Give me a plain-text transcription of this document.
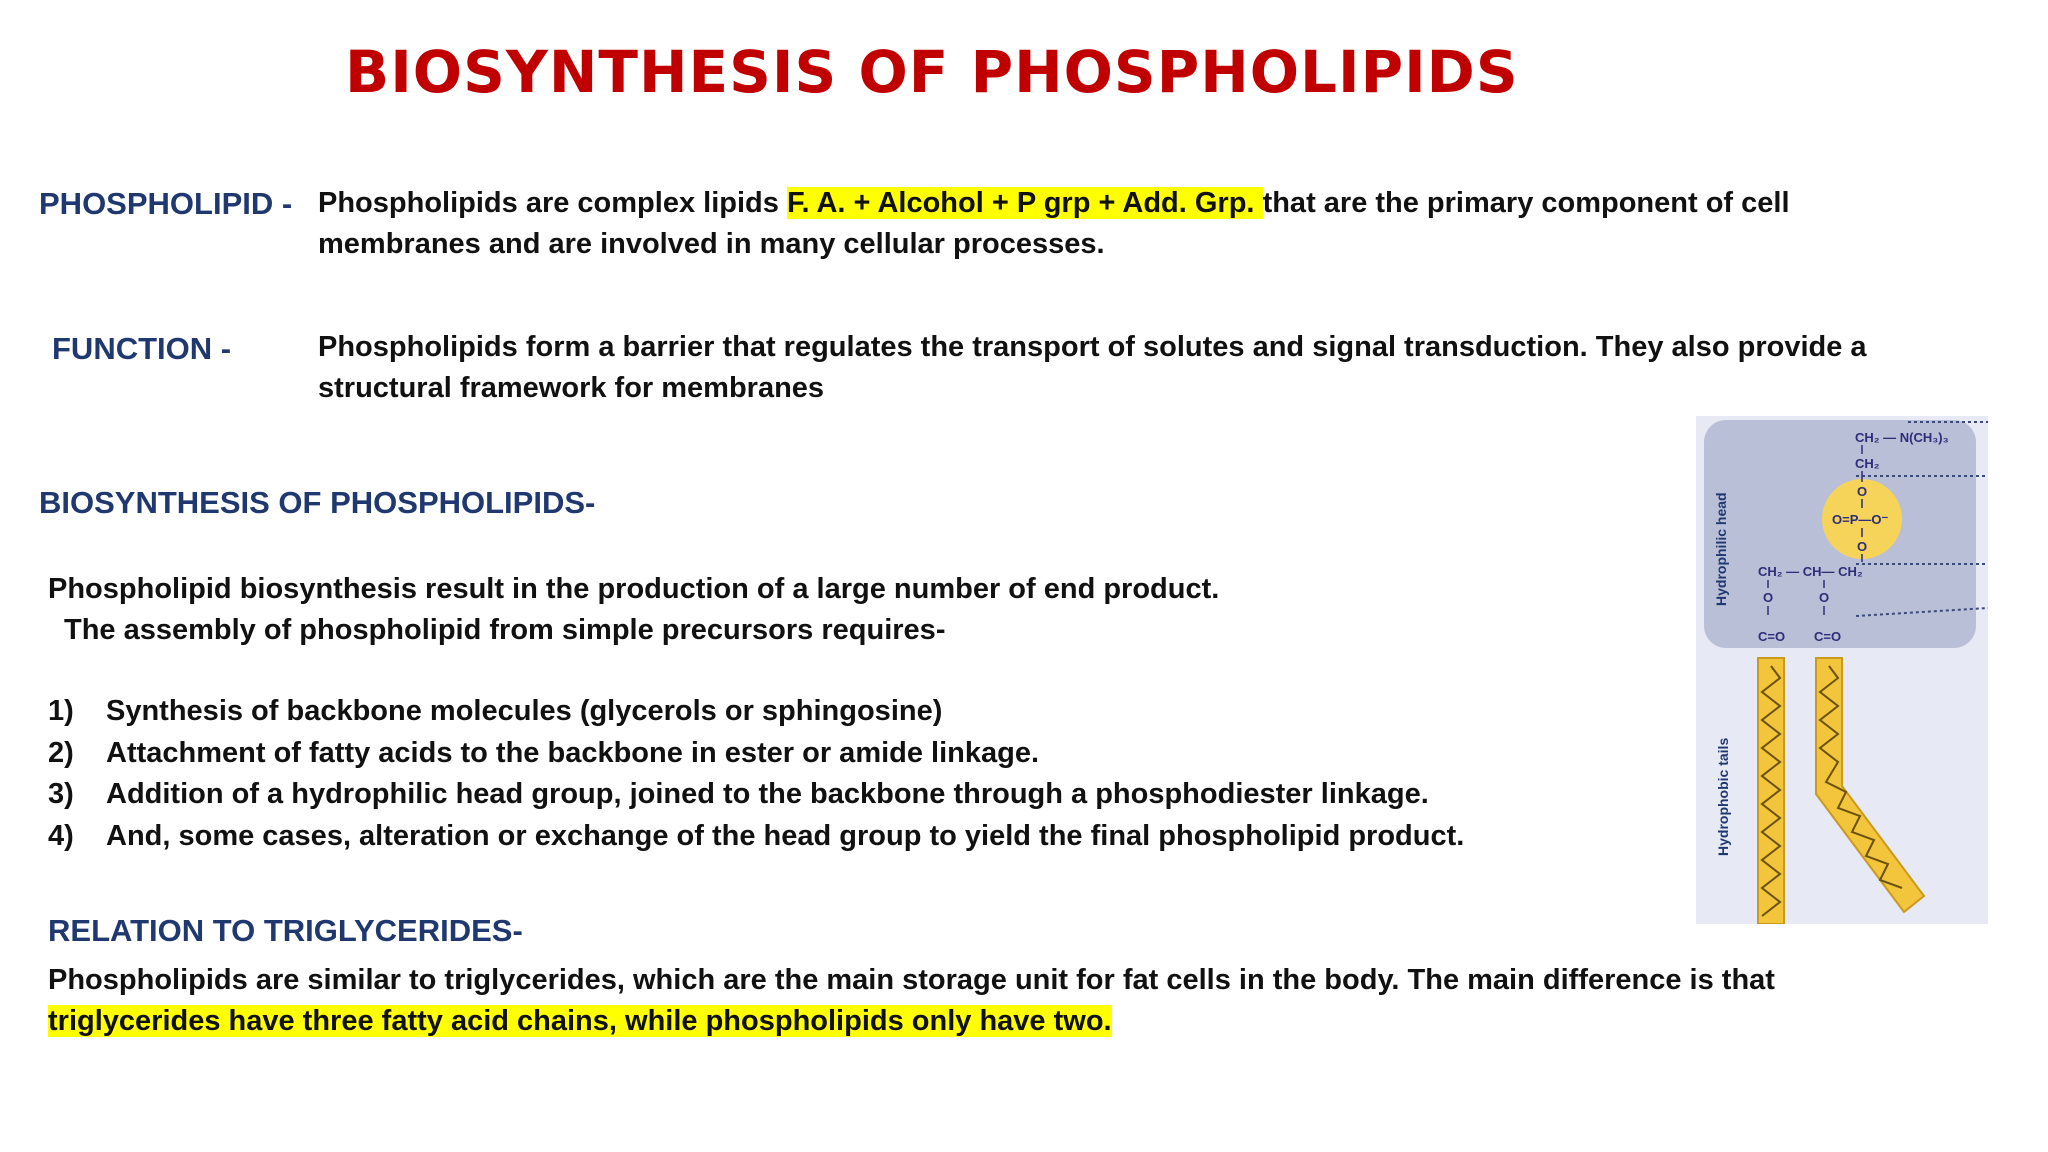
BIOSYNTHESIS OF PHOSPHOLIPIDS
PHOSPHOLIPID - Phospholipids are complex lipids F. A. + Alcohol + P grp + Add. Grp. that are the primary component of cell membranes and are involved in many cellular processes.
FUNCTION -	Phospholipids form a barrier that regulates the transport of solutes and signal transduction. They also provide a structural framework for membranes
BIOSYNTHESIS OF PHOSPHOLIPIDS-
Phospholipid biosynthesis result in the production of a large number of end product.
The assembly of phospholipid from simple precursors requires-
1)	Synthesis of backbone molecules (glycerols or sphingosine)
2)	Attachment of fatty acids to the backbone in ester or amide linkage.
3)	Addition of a hydrophilic head group, joined to the backbone through a phosphodiester linkage.
4)	And, some cases, alteration or exchange of the head group to yield the final phospholipid product.
RELATION TO TRIGLYCERIDES-
Phospholipids are similar to triglycerides, which are the main storage unit for fat cells in the body. The main difference is that triglycerides have three fatty acid chains, while phospholipids only have two.
CH₂ — N(CH₃)₃
CH₂
O
O=P—O⁻
O
CH₂ — CH— CH₂
O	O
C=O C=O
Hydrophilic head
Hydrophobic tails
